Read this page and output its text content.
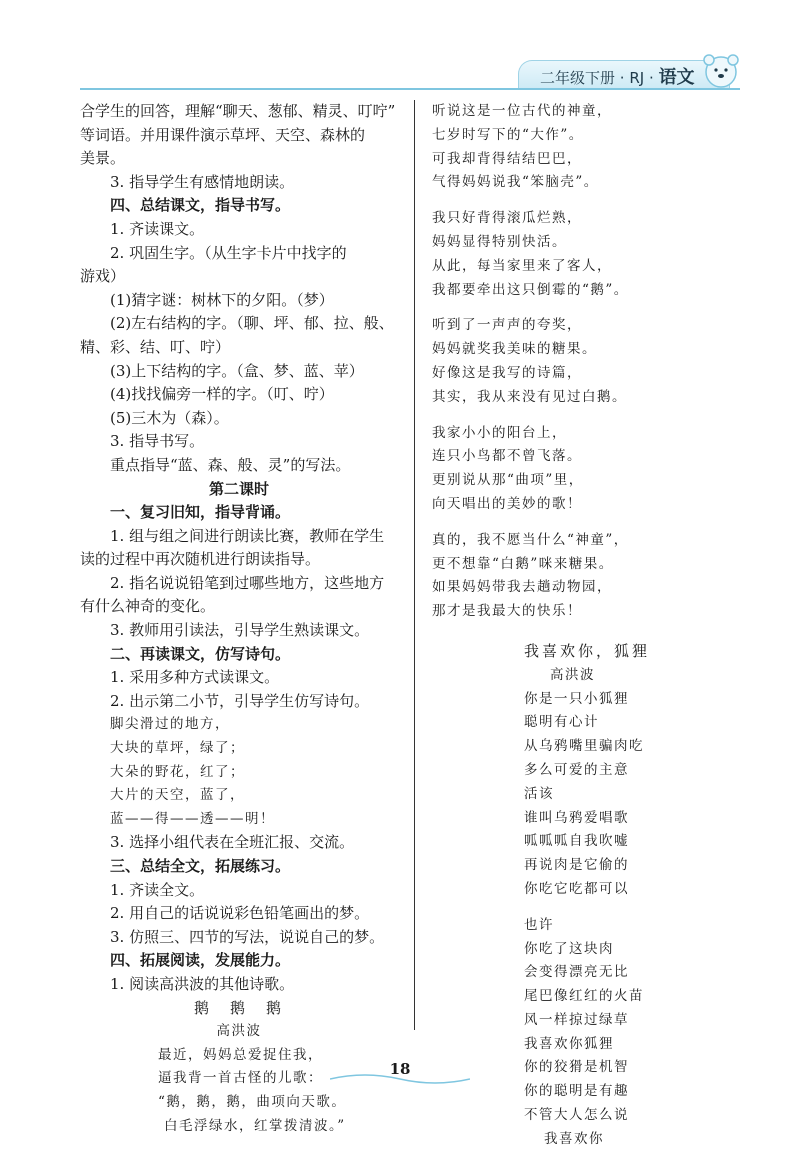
二年级下册 · RJ · 语文
合学生的回答，理解“聊天、葱郁、精灵、叮咛”
等词语。并用课件演示草坪、天空、森林的
美景。
3. 指导学生有感情地朗读。
四、总结课文，指导书写。
1. 齐读课文。
2. 巩固生字。（从生字卡片中找字的
游戏）
(1)猜字谜：树林下的夕阳。（梦）
(2)左右结构的字。（聊、坪、郁、拉、般、
精、彩、结、叮、咛）
(3)上下结构的字。（盒、梦、蓝、苹）
(4)找找偏旁一样的字。（叮、咛）
(5)三木为（森）。
3. 指导书写。
重点指导“蓝、森、般、灵”的写法。
第二课时
一、复习旧知，指导背诵。
1. 组与组之间进行朗读比赛，教师在学生
读的过程中再次随机进行朗读指导。
2. 指名说说铅笔到过哪些地方，这些地方
有什么神奇的变化。
3. 教师用引读法，引导学生熟读课文。
二、再读课文，仿写诗句。
1. 采用多种方式读课文。
2. 出示第二小节，引导学生仿写诗句。
脚尖滑过的地方，
大块的草坪，绿了；
大朵的野花，红了；
大片的天空，蓝了，
蓝——得——透——明！
3. 选择小组代表在全班汇报、交流。
三、总结全文，拓展练习。
1. 齐读全文。
2. 用自己的话说说彩色铅笔画出的梦。
3. 仿照三、四节的写法，说说自己的梦。
四、拓展阅读，发展能力。
1. 阅读高洪波的其他诗歌。
鹅　鹅　鹅
高洪波
最近，妈妈总爱捉住我，
逼我背一首古怪的儿歌：
“鹅，鹅，鹅，曲项向天歌。
白毛浮绿水，红掌拨清波。”
听说这是一位古代的神童，
七岁时写下的“大作”。
可我却背得结结巴巴，
气得妈妈说我“笨脑壳”。
我只好背得滚瓜烂熟，
妈妈显得特别快活。
从此，每当家里来了客人，
我都要牵出这只倒霉的“鹅”。
听到了一声声的夸奖，
妈妈就奖我美味的糖果。
好像这是我写的诗篇，
其实，我从来没有见过白鹅。
我家小小的阳台上，
连只小鸟都不曾飞落。
更别说从那“曲项”里，
向天唱出的美妙的歌！
真的，我不愿当什么“神童”，
更不想靠“白鹅”咪来糖果。
如果妈妈带我去趟动物园，
那才是我最大的快乐！
我喜欢你，狐狸
高洪波
你是一只小狐狸
聪明有心计
从乌鸦嘴里骗肉吃
多么可爱的主意
活该
谁叫乌鸦爱唱歌
呱呱呱自我吹嘘
再说肉是它偷的
你吃它吃都可以
也许
你吃了这块肉
会变得漂亮无比
尾巴像红红的火苗
风一样掠过绿草
我喜欢你狐狸
你的狡猾是机智
你的聪明是有趣
不管大人怎么说
我喜欢你
18
